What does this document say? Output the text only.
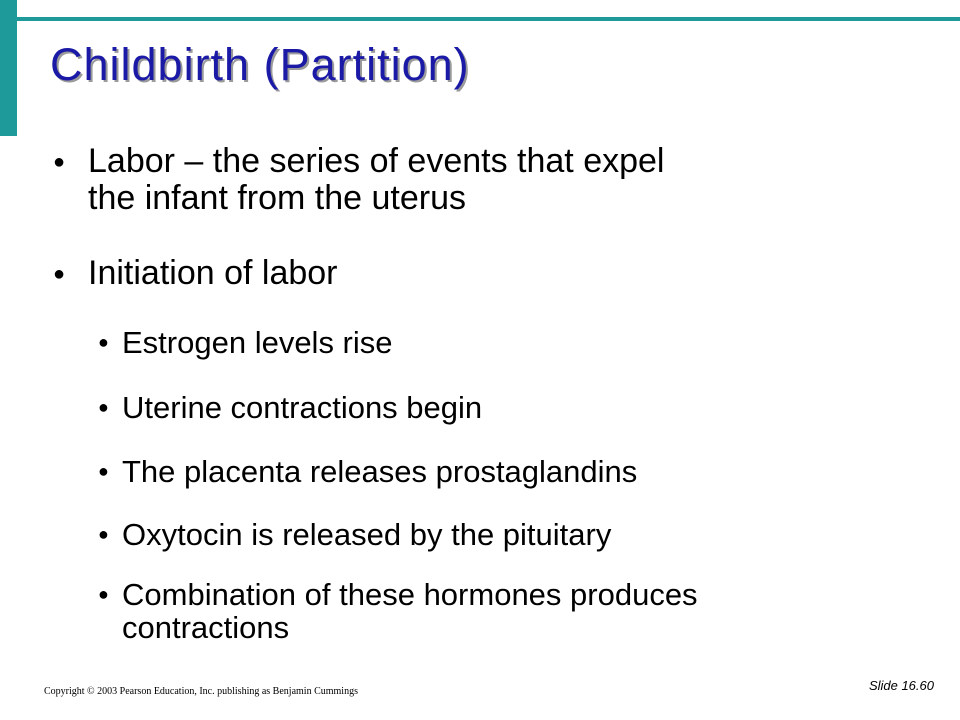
Childbirth (Partition)
● Labor – the series of events that expel
the infant from the uterus
● Initiation of labor
● Estrogen levels rise
● Uterine contractions begin
● The placenta releases prostaglandins
● Oxytocin is released by the pituitary
● Combination of these hormones produces
contractions
Slide 16.60
Copyright © 2003 Pearson Education, Inc. publishing as Benjamin Cummings
